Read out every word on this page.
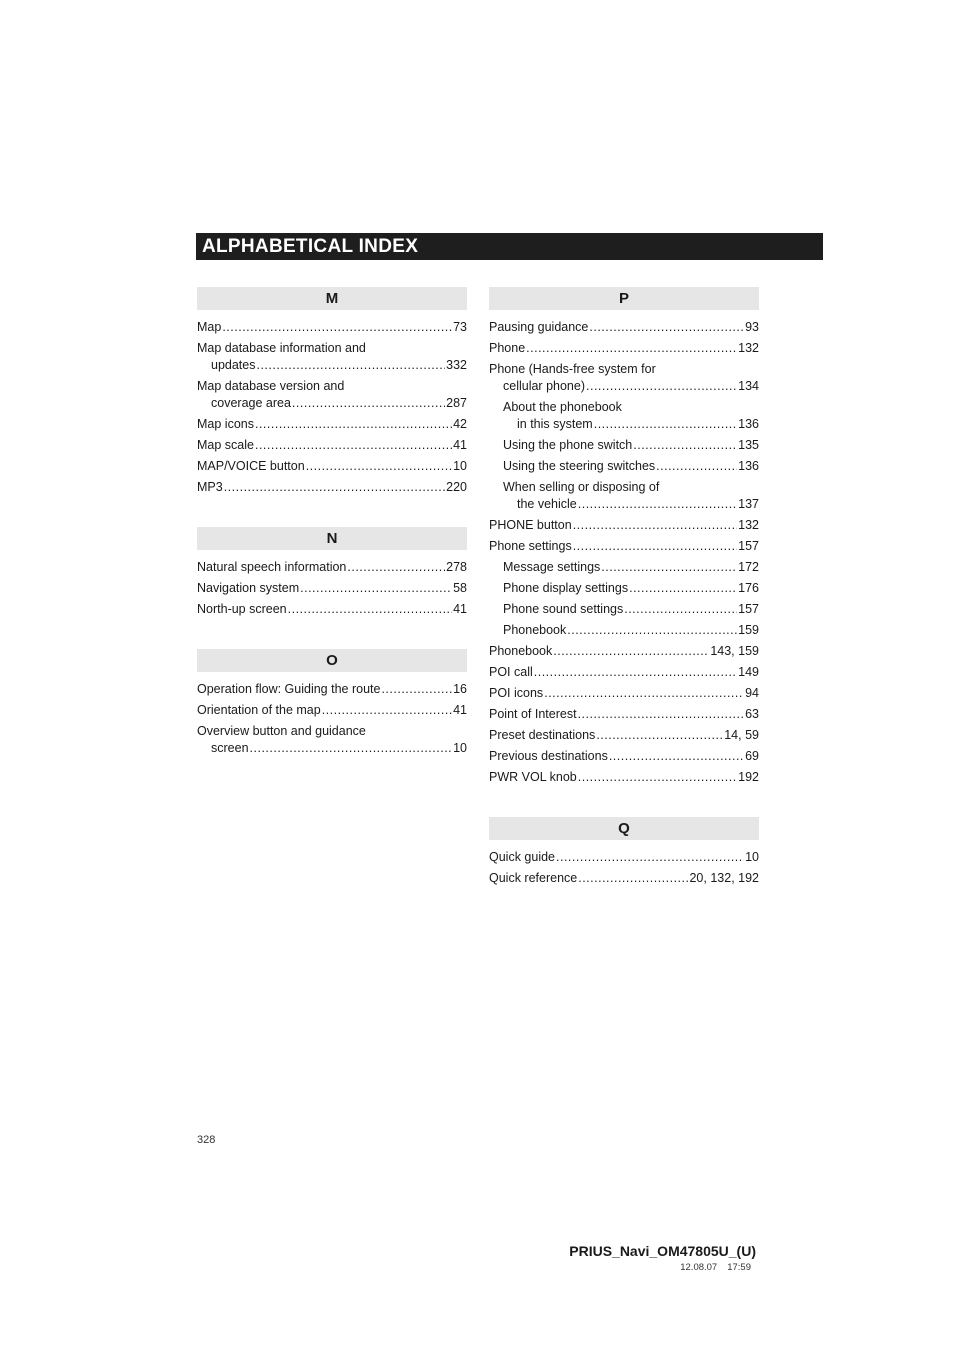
ALPHABETICAL INDEX
M
Map .....	73
Map database information and
updates .....	332
Map database version and
coverage area .....	287
Map icons .....	42
Map scale .....	41
MAP/VOICE button .....	10
MP3 .....	220
N
Natural speech information .....	278
Navigation system .....	58
North-up screen .....	41
O
Operation flow: Guiding the route .....	16
Orientation of the map .....	41
Overview button and guidance
screen .....	10
P
Pausing guidance .....	93
Phone .....	132
Phone (Hands-free system for
cellular phone) .....	134
About the phonebook
in this system .....	136
Using the phone switch .....	135
Using the steering switches .....	136
When selling or disposing of
the vehicle .....	137
PHONE button .....	132
Phone settings .....	157
Message settings .....	172
Phone display settings .....	176
Phone sound settings .....	157
Phonebook .....	159
Phonebook .....	143, 159
POI call .....	149
POI icons .....	94
Point of Interest .....	63
Preset destinations .....	14, 59
Previous destinations .....	69
PWR VOL knob .....	192
Q
Quick guide .....	10
Quick reference .....	20, 132, 192
328
PRIUS_Navi_OM47805U_(U)
12.08.07 17:59
